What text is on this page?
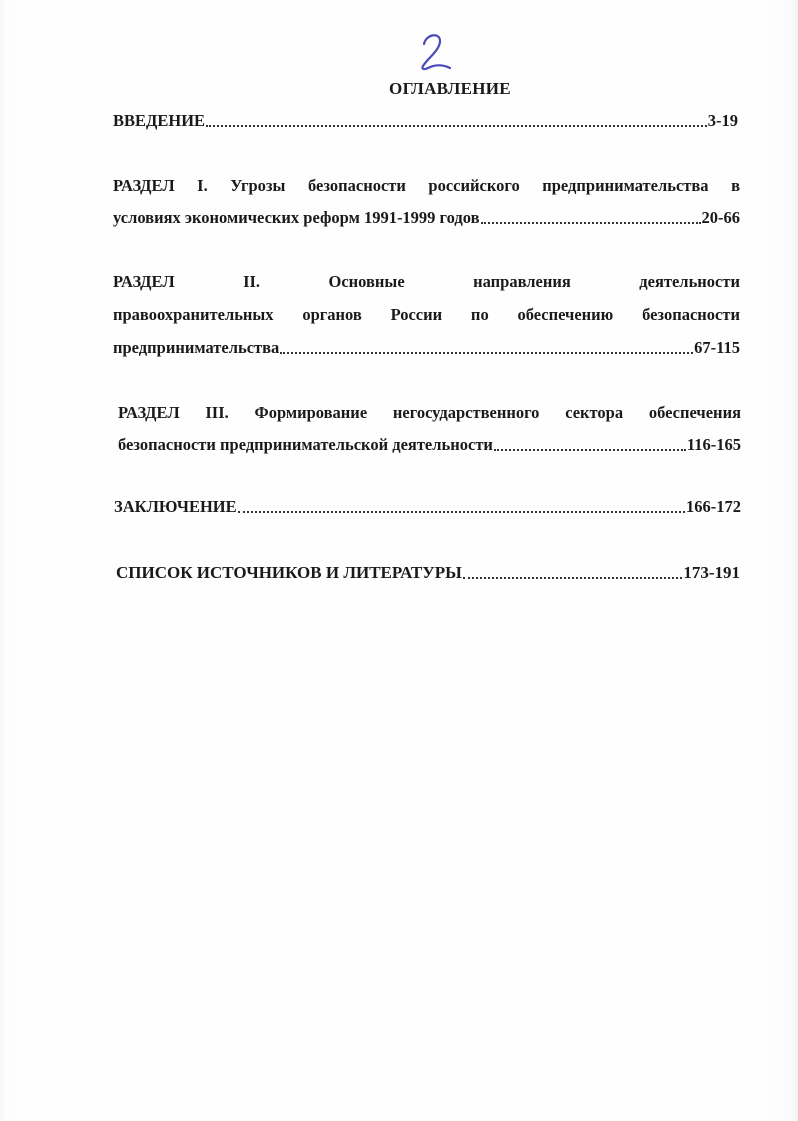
ОГЛАВЛЕНИЕ
ВВЕДЕНИЕ	3-19
РАЗДЕЛ I. Угрозы безопасности российского предпринимательства в
условиях экономических реформ 1991-1999 годов	20-66
РАЗДЕЛ	II.	Основные	направления	деятельности
правоохранительных органов России по обеспечению безопасности
предпринимательства	67-115
РАЗДЕЛ III. Формирование негосударственного сектора обеспечения
безопасности предпринимательской деятельности	116-165
ЗАКЛЮЧЕНИЕ	166-172
СПИСОК ИСТОЧНИКОВ И ЛИТЕРАТУРЫ	173-191
